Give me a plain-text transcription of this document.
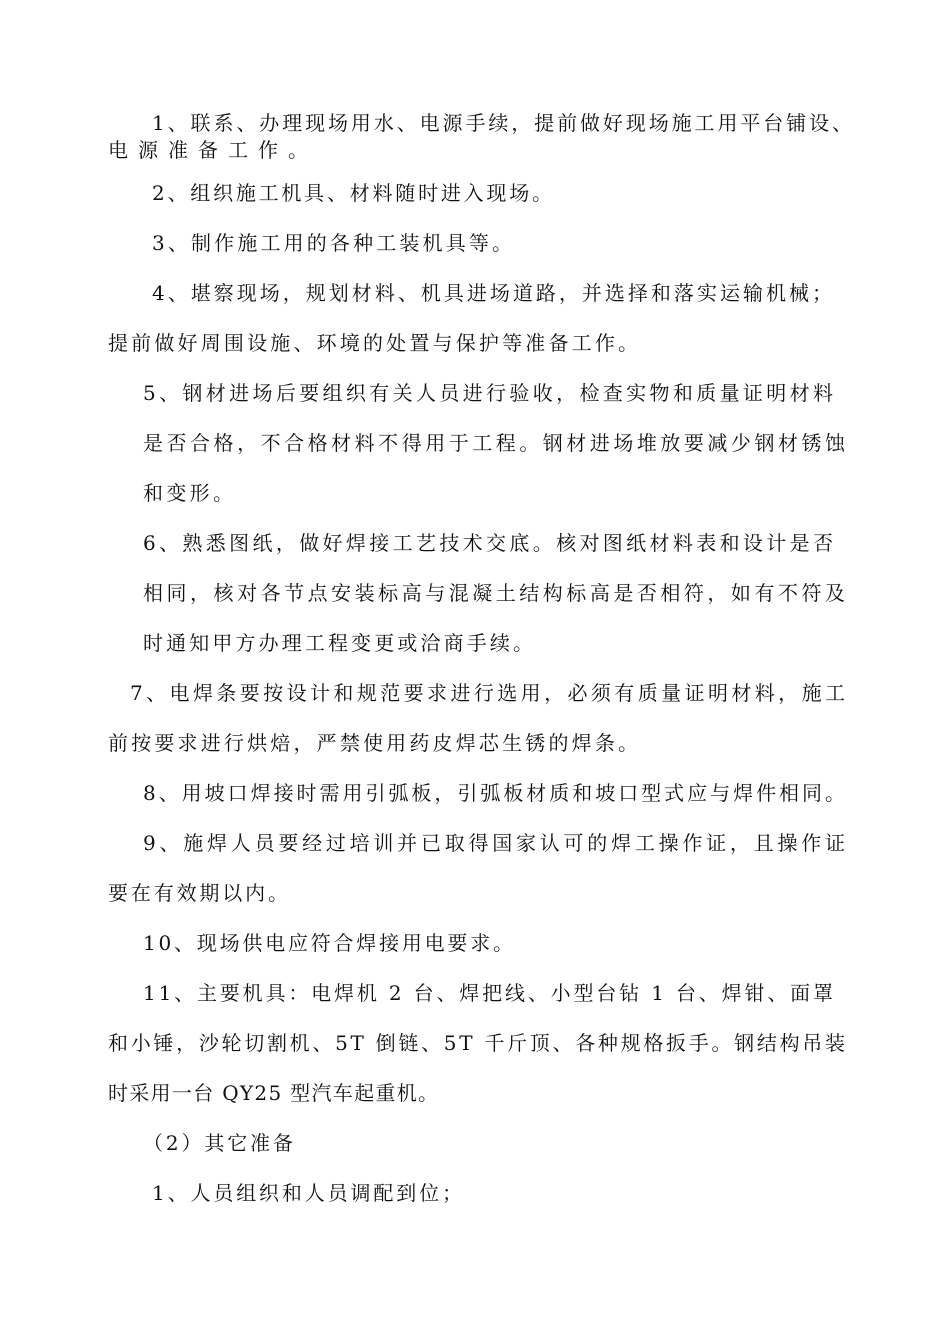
1、联系、办理现场用水、电源手续，提前做好现场施工用平台铺设、
电源准备工作。
2、组织施工机具、材料随时进入现场。
3、制作施工用的各种工装机具等。
4、堪察现场，规划材料、机具进场道路，并选择和落实运输机械；
提前做好周围设施、环境的处置与保护等准备工作。
5、钢材进场后要组织有关人员进行验收，检查实物和质量证明材料
是否合格，不合格材料不得用于工程。钢材进场堆放要减少钢材锈蚀
和变形。
6、熟悉图纸，做好焊接工艺技术交底。核对图纸材料表和设计是否
相同，核对各节点安装标高与混凝土结构标高是否相符，如有不符及
时通知甲方办理工程变更或洽商手续。
7、电焊条要按设计和规范要求进行选用，必须有质量证明材料，施工
前按要求进行烘焙，严禁使用药皮焊芯生锈的焊条。
8、用坡口焊接时需用引弧板，引弧板材质和坡口型式应与焊件相同。
9、施焊人员要经过培训并已取得国家认可的焊工操作证，且操作证
要在有效期以内。
10、现场供电应符合焊接用电要求。
11、主要机具：电焊机 2 台、焊把线、小型台钻 1 台、焊钳、面罩
和小锤，沙轮切割机、5T 倒链、5T 千斤顶、各种规格扳手。钢结构吊装
时采用一台 QY25 型汽车起重机。
（2）其它准备
1、人员组织和人员调配到位；
